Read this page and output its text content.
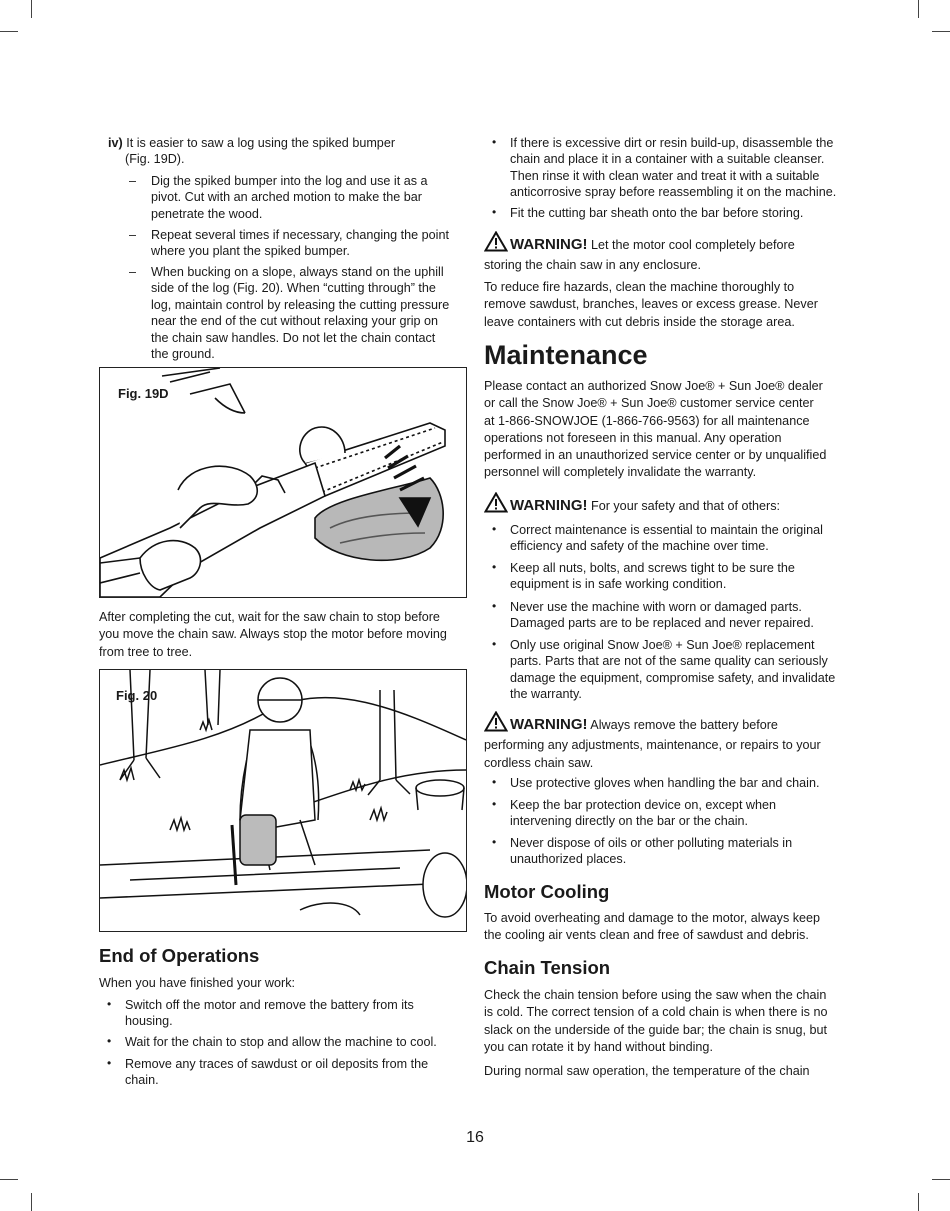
iv) It is easier to saw a log using the spiked bumper
(Fig. 19D).
– Dig the spiked bumper into the log and use it as a
pivot. Cut with an arched motion to make the bar
penetrate the wood.
– Repeat several times if necessary, changing the point
where you plant the spiked bumper.
– When bucking on a slope, always stand on the uphill
side of the log (Fig. 20). When “cutting through” the
log, maintain control by releasing the cutting pressure
near the end of the cut without relaxing your grip on
the chain saw handles. Do not let the chain contact
the ground.
Fig. 19D

After completing the cut, wait for the saw chain to stop before

you move the chain saw. Always stop the motor before moving

from tree to tree.

Fig. 20
End of Operations

When you have finished your work:

• Switch off the motor and remove the battery from its
housing.
• Wait for the chain to stop and allow the machine to cool.
• Remove any traces of sawdust or oil deposits from the
chain.
• If there is excessive dirt or resin build-up, disassemble the
chain and place it in a container with a suitable cleanser.
Then rinse it with clean water and treat it with a suitable
anticorrosive spray before reassembling it on the machine.
• Fit the cutting bar sheath onto the bar before storing.
WARNING! Let the motor cool completely before
storing the chain saw in any enclosure.

To reduce fire hazards, clean the machine thoroughly to

remove sawdust, branches, leaves or excess grease. Never

leave containers with cut debris inside the storage area.

Maintenance

Please contact an authorized Snow Joe® + Sun Joe® dealer

or call the Snow Joe® + Sun Joe® customer service center

at 1-866-SNOWJOE (1-866-766-9563) for all maintenance

operations not foreseen in this manual. Any operation

performed in an unauthorized service center or by unqualified

personnel will completely invalidate the warranty.

WARNING! For your safety and that of others:
• Correct maintenance is essential to maintain the original
efficiency and safety of the machine over time.
• Keep all nuts, bolts, and screws tight to be sure the
equipment is in safe working condition.
• Never use the machine with worn or damaged parts.
Damaged parts are to be replaced and never repaired.
• Only use original Snow Joe® + Sun Joe® replacement
parts. Parts that are not of the same quality can seriously
damage the equipment, compromise safety, and invalidate
the warranty.
WARNING! Always remove the battery before
performing any adjustments, maintenance, or repairs to your
cordless chain saw.
• Use protective gloves when handling the bar and chain.
• Keep the bar protection device on, except when
intervening directly on the bar or the chain.
• Never dispose of oils or other polluting materials in
unauthorized places.
Motor Cooling

To avoid overheating and damage to the motor, always keep

the cooling air vents clean and free of sawdust and debris.

Chain Tension

Check the chain tension before using the saw when the chain

is cold. The correct tension of a cold chain is when there is no

slack on the underside of the guide bar; the chain is snug, but

you can rotate it by hand without binding.

During normal saw operation, the temperature of the chain

16
